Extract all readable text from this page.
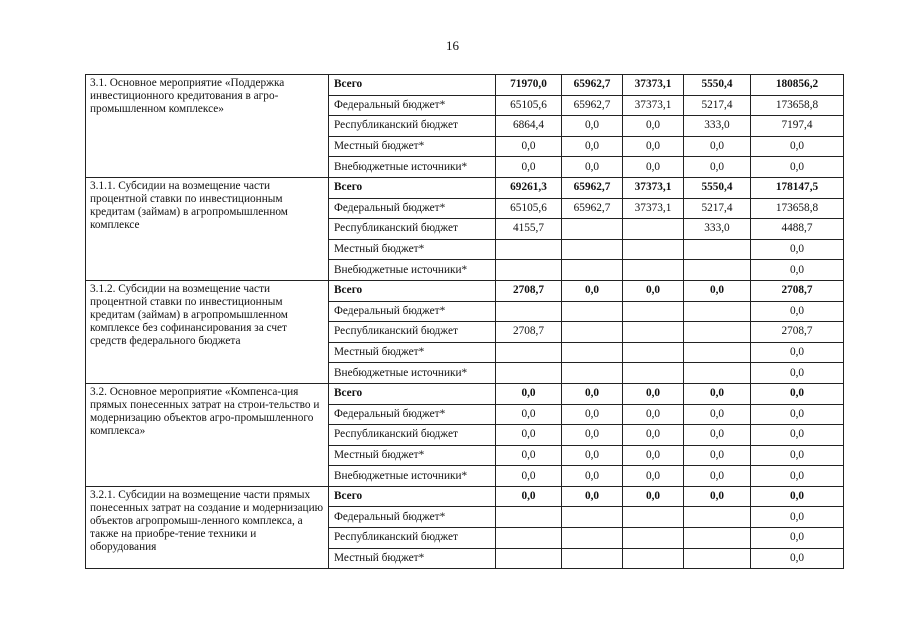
16
3.1. Основное мероприятие «Поддержка инвестиционного кредитования в агро-промышленном комплексе»	Всего	71970,0	65962,7	37373,1	5550,4	180856,2
	Федеральный бюджет*	65105,6	65962,7	37373,1	5217,4	173658,8
	Республиканский бюджет	6864,4	0,0	0,0	333,0	7197,4
	Местный бюджет*	0,0	0,0	0,0	0,0	0,0
	Внебюджетные источники*	0,0	0,0	0,0	0,0	0,0
3.1.1. Субсидии на возмещение части процентной ставки по инвестиционным кредитам (займам) в агропромышленном комплексе	Всего	69261,3	65962,7	37373,1	5550,4	178147,5
	Федеральный бюджет*	65105,6	65962,7	37373,1	5217,4	173658,8
	Республиканский бюджет	4155,7			333,0	4488,7
	Местный бюджет*					0,0
	Внебюджетные источники*					0,0
3.1.2. Субсидии на возмещение части процентной ставки по инвестиционным кредитам (займам) в агропромышленном комплексе без софинансирования за счет средств федерального бюджета	Всего	2708,7	0,0	0,0	0,0	2708,7
	Федеральный бюджет*					0,0
	Республиканский бюджет	2708,7				2708,7
	Местный бюджет*					0,0
	Внебюджетные источники*					0,0
3.2. Основное мероприятие «Компенса-ция прямых понесенных затрат на строи-тельство и модернизацию объектов агро-промышленного комплекса»	Всего	0,0	0,0	0,0	0,0	0,0
	Федеральный бюджет*	0,0	0,0	0,0	0,0	0,0
	Республиканский бюджет	0,0	0,0	0,0	0,0	0,0
	Местный бюджет*	0,0	0,0	0,0	0,0	0,0
	Внебюджетные источники*	0,0	0,0	0,0	0,0	0,0
3.2.1. Субсидии на возмещение части прямых понесенных затрат на создание и модернизацию объектов агропромыш-ленного комплекса, а также на приобре-тение техники и оборудования	Всего	0,0	0,0	0,0	0,0	0,0
	Федеральный бюджет*					0,0
	Республиканский бюджет					0,0
	Местный бюджет*					0,0
